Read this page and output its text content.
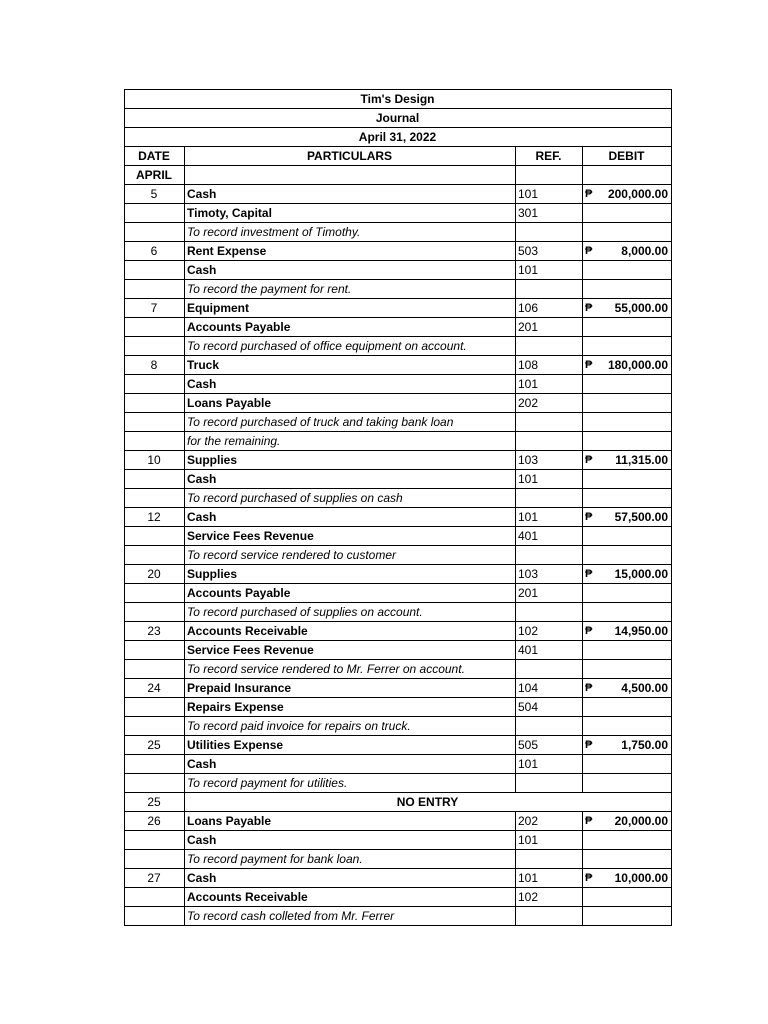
Tim's Design			
Journal			
April 31, 2022			
DATE	PARTICULARS	REF.	DEBIT
APRIL			
5	Cash	101	₱ 200,000.00

	Timoty, Capital	301	
	To record investment of Timothy.		
6	Rent Expense	503	₱ 8,000.00

	Cash	101	
	To record the payment for rent.		
7	Equipment	106	₱ 55,000.00

	Accounts Payable	201	
	To record purchased of office equipment on account.		
8	Truck	108	₱ 180,000.00

	Cash	101	
	Loans Payable	202	
	To record purchased of truck and taking bank loan		
	for the remaining.		
10	Supplies	103	₱ 11,315.00

	Cash	101	
	To record purchased of supplies on cash		
12	Cash	101	₱ 57,500.00

	Service Fees Revenue	401	
	To record service rendered to customer		
20	Supplies	103	₱ 15,000.00

	Accounts Payable	201	
	To record purchased of supplies on account.		
23	Accounts Receivable	102	₱ 14,950.00

	Service Fees Revenue	401	
	To record service rendered to Mr. Ferrer on account.		
24	Prepaid Insurance	104	₱ 4,500.00

	Repairs Expense	504	
	To record paid invoice for repairs on truck.		
25	Utilities Expense	505	₱ 1,750.00

	Cash	101	
	To record payment for utilities.		
25	NO ENTRY		
26	Loans Payable	202	₱ 20,000.00

	Cash	101	
	To record payment for bank loan.		
27	Cash	101	₱ 10,000.00

	Accounts Receivable	102	
	To record cash colleted from Mr. Ferrer		
